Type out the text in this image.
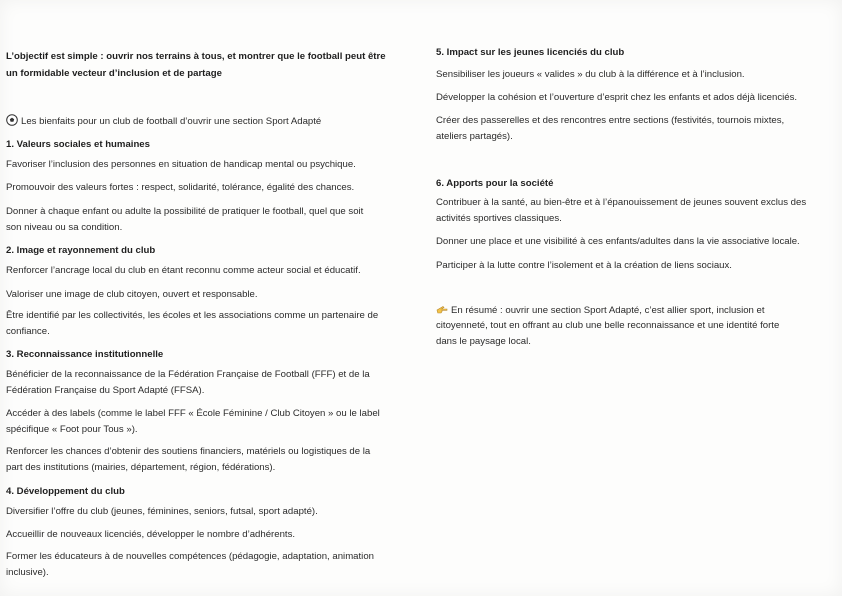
L’objectif est simple : ouvrir nos terrains à tous, et montrer que le football peut être

un formidable vecteur d’inclusion et de partage

Les bienfaits pour un club de football d’ouvrir une section Sport Adapté

1. Valeurs sociales et humaines

Favoriser l’inclusion des personnes en situation de handicap mental ou psychique.

Promouvoir des valeurs fortes : respect, solidarité, tolérance, égalité des chances.

Donner à chaque enfant ou adulte la possibilité de pratiquer le football, quel que soit

son niveau ou sa condition.

2. Image et rayonnement du club

Renforcer l’ancrage local du club en étant reconnu comme acteur social et éducatif.

Valoriser une image de club citoyen, ouvert et responsable.

Être identifié par les collectivités, les écoles et les associations comme un partenaire de

confiance.

3. Reconnaissance institutionnelle

Bénéficier de la reconnaissance de la Fédération Française de Football (FFF) et de la

Fédération Française du Sport Adapté (FFSA).

Accéder à des labels (comme le label FFF « École Féminine / Club Citoyen » ou le label

spécifique « Foot pour Tous »).

Renforcer les chances d’obtenir des soutiens financiers, matériels ou logistiques de la

part des institutions (mairies, département, région, fédérations).

4. Développement du club

Diversifier l’offre du club (jeunes, féminines, seniors, futsal, sport adapté).

Accueillir de nouveaux licenciés, développer le nombre d’adhérents.

Former les éducateurs à de nouvelles compétences (pédagogie, adaptation, animation

inclusive).

5. Impact sur les jeunes licenciés du club

Sensibiliser les joueurs « valides » du club à la différence et à l’inclusion.

Développer la cohésion et l’ouverture d’esprit chez les enfants et ados déjà licenciés.

Créer des passerelles et des rencontres entre sections (festivités, tournois mixtes,

ateliers partagés).

6. Apports pour la société

Contribuer à la santé, au bien-être et à l’épanouissement de jeunes souvent exclus des

activités sportives classiques.

Donner une place et une visibilité à ces enfants/adultes dans la vie associative locale.

Participer à la lutte contre l’isolement et à la création de liens sociaux.

En résumé : ouvrir une section Sport Adapté, c’est allier sport, inclusion et

citoyenneté, tout en offrant au club une belle reconnaissance et une identité forte

dans le paysage local.
